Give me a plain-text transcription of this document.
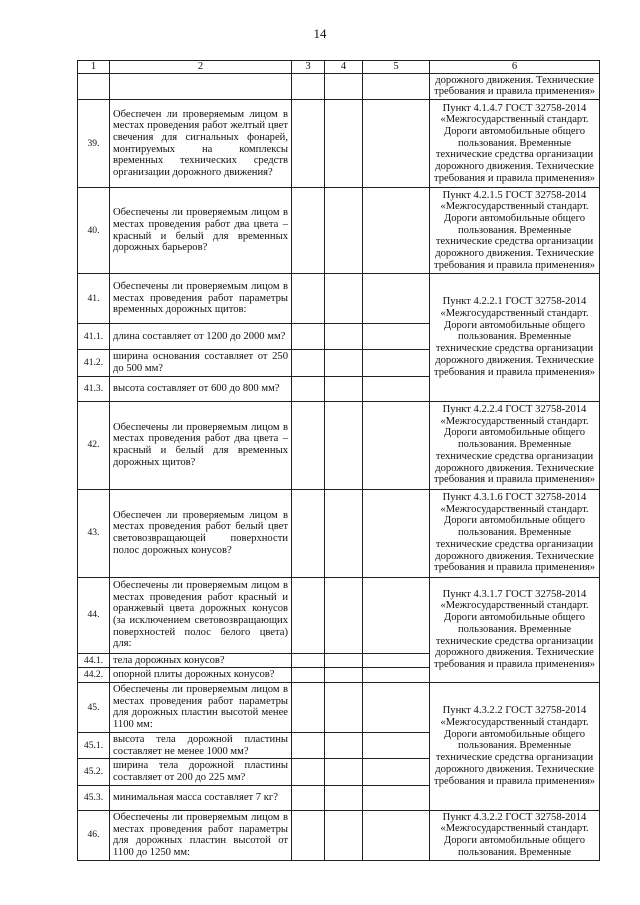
14
1	2	3	4	5	6
					дорожного движения. Технические требования и правила применения»
39.	Обеспечен ли проверяемым лицом в местах проведения работ желтый цвет свечения для сигнальных фонарей, монтируемых на комплексы временных технических средств организации дорожного движения?				Пункт 4.1.4.7 ГОСТ 32758-2014 «Межгосударственный стандарт. Дороги автомобильные общего пользования. Временные технические средства организации дорожного движения. Технические требования и правила применения»
40.	Обеспечены ли проверяемым лицом в местах проведения работ два цвета – красный и белый для временных дорожных барьеров?				Пункт 4.2.1.5 ГОСТ 32758-2014 «Межгосударственный стандарт. Дороги автомобильные общего пользования. Временные технические средства организации дорожного движения. Технические требования и правила применения»
41.	Обеспечены ли проверяемым лицом в местах проведения работ параметры временных дорожных щитов:				Пункт 4.2.2.1 ГОСТ 32758-2014 «Межгосударственный стандарт. Дороги автомобильные общего пользования. Временные технические средства организации дорожного движения. Технические требования и правила применения»
41.1.	длина составляет от 1200 до 2000 мм?				
41.2.	ширина основания составляет от 250 до 500 мм?				
41.3.	высота составляет от 600 до 800 мм?				
42.	Обеспечены ли проверяемым лицом в местах проведения работ два цвета – красный и белый для временных дорожных щитов?				Пункт 4.2.2.4 ГОСТ 32758-2014 «Межгосударственный стандарт. Дороги автомобильные общего пользования. Временные технические средства организации дорожного движения. Технические требования и правила применения»
43.	Обеспечен ли проверяемым лицом в местах проведения работ белый цвет световозвращающей поверхности полос дорожных конусов?				Пункт 4.3.1.6 ГОСТ 32758-2014 «Межгосударственный стандарт. Дороги автомобильные общего пользования. Временные технические средства организации дорожного движения. Технические требования и правила применения»
44.	Обеспечены ли проверяемым лицом в местах проведения работ красный и оранжевый цвета дорожных конусов (за исключением световозвращающих поверхностей полос белого цвета) для:				Пункт 4.3.1.7 ГОСТ 32758-2014 «Межгосударственный стандарт. Дороги автомобильные общего пользования. Временные технические средства организации дорожного движения. Технические требования и правила применения»
44.1.	тела дорожных конусов?				
44.2.	опорной плиты дорожных конусов?				
45.	Обеспечены ли проверяемым лицом в местах проведения работ параметры для дорожных пластин высотой менее 1100 мм:				Пункт 4.3.2.2 ГОСТ 32758-2014 «Межгосударственный стандарт. Дороги автомобильные общего пользования. Временные технические средства организации дорожного движения. Технические требования и правила применения»
45.1.	высота тела дорожной пластины составляет не менее 1000 мм?				
45.2.	ширина тела дорожной пластины составляет от 200 до 225 мм?				
45.3.	минимальная масса составляет 7 кг?				
46.	Обеспечены ли проверяемым лицом в местах проведения работ параметры для дорожных пластин высотой от 1100 до 1250 мм:				Пункт 4.3.2.2 ГОСТ 32758-2014 «Межгосударственный стандарт. Дороги автомобильные общего пользования. Временные
